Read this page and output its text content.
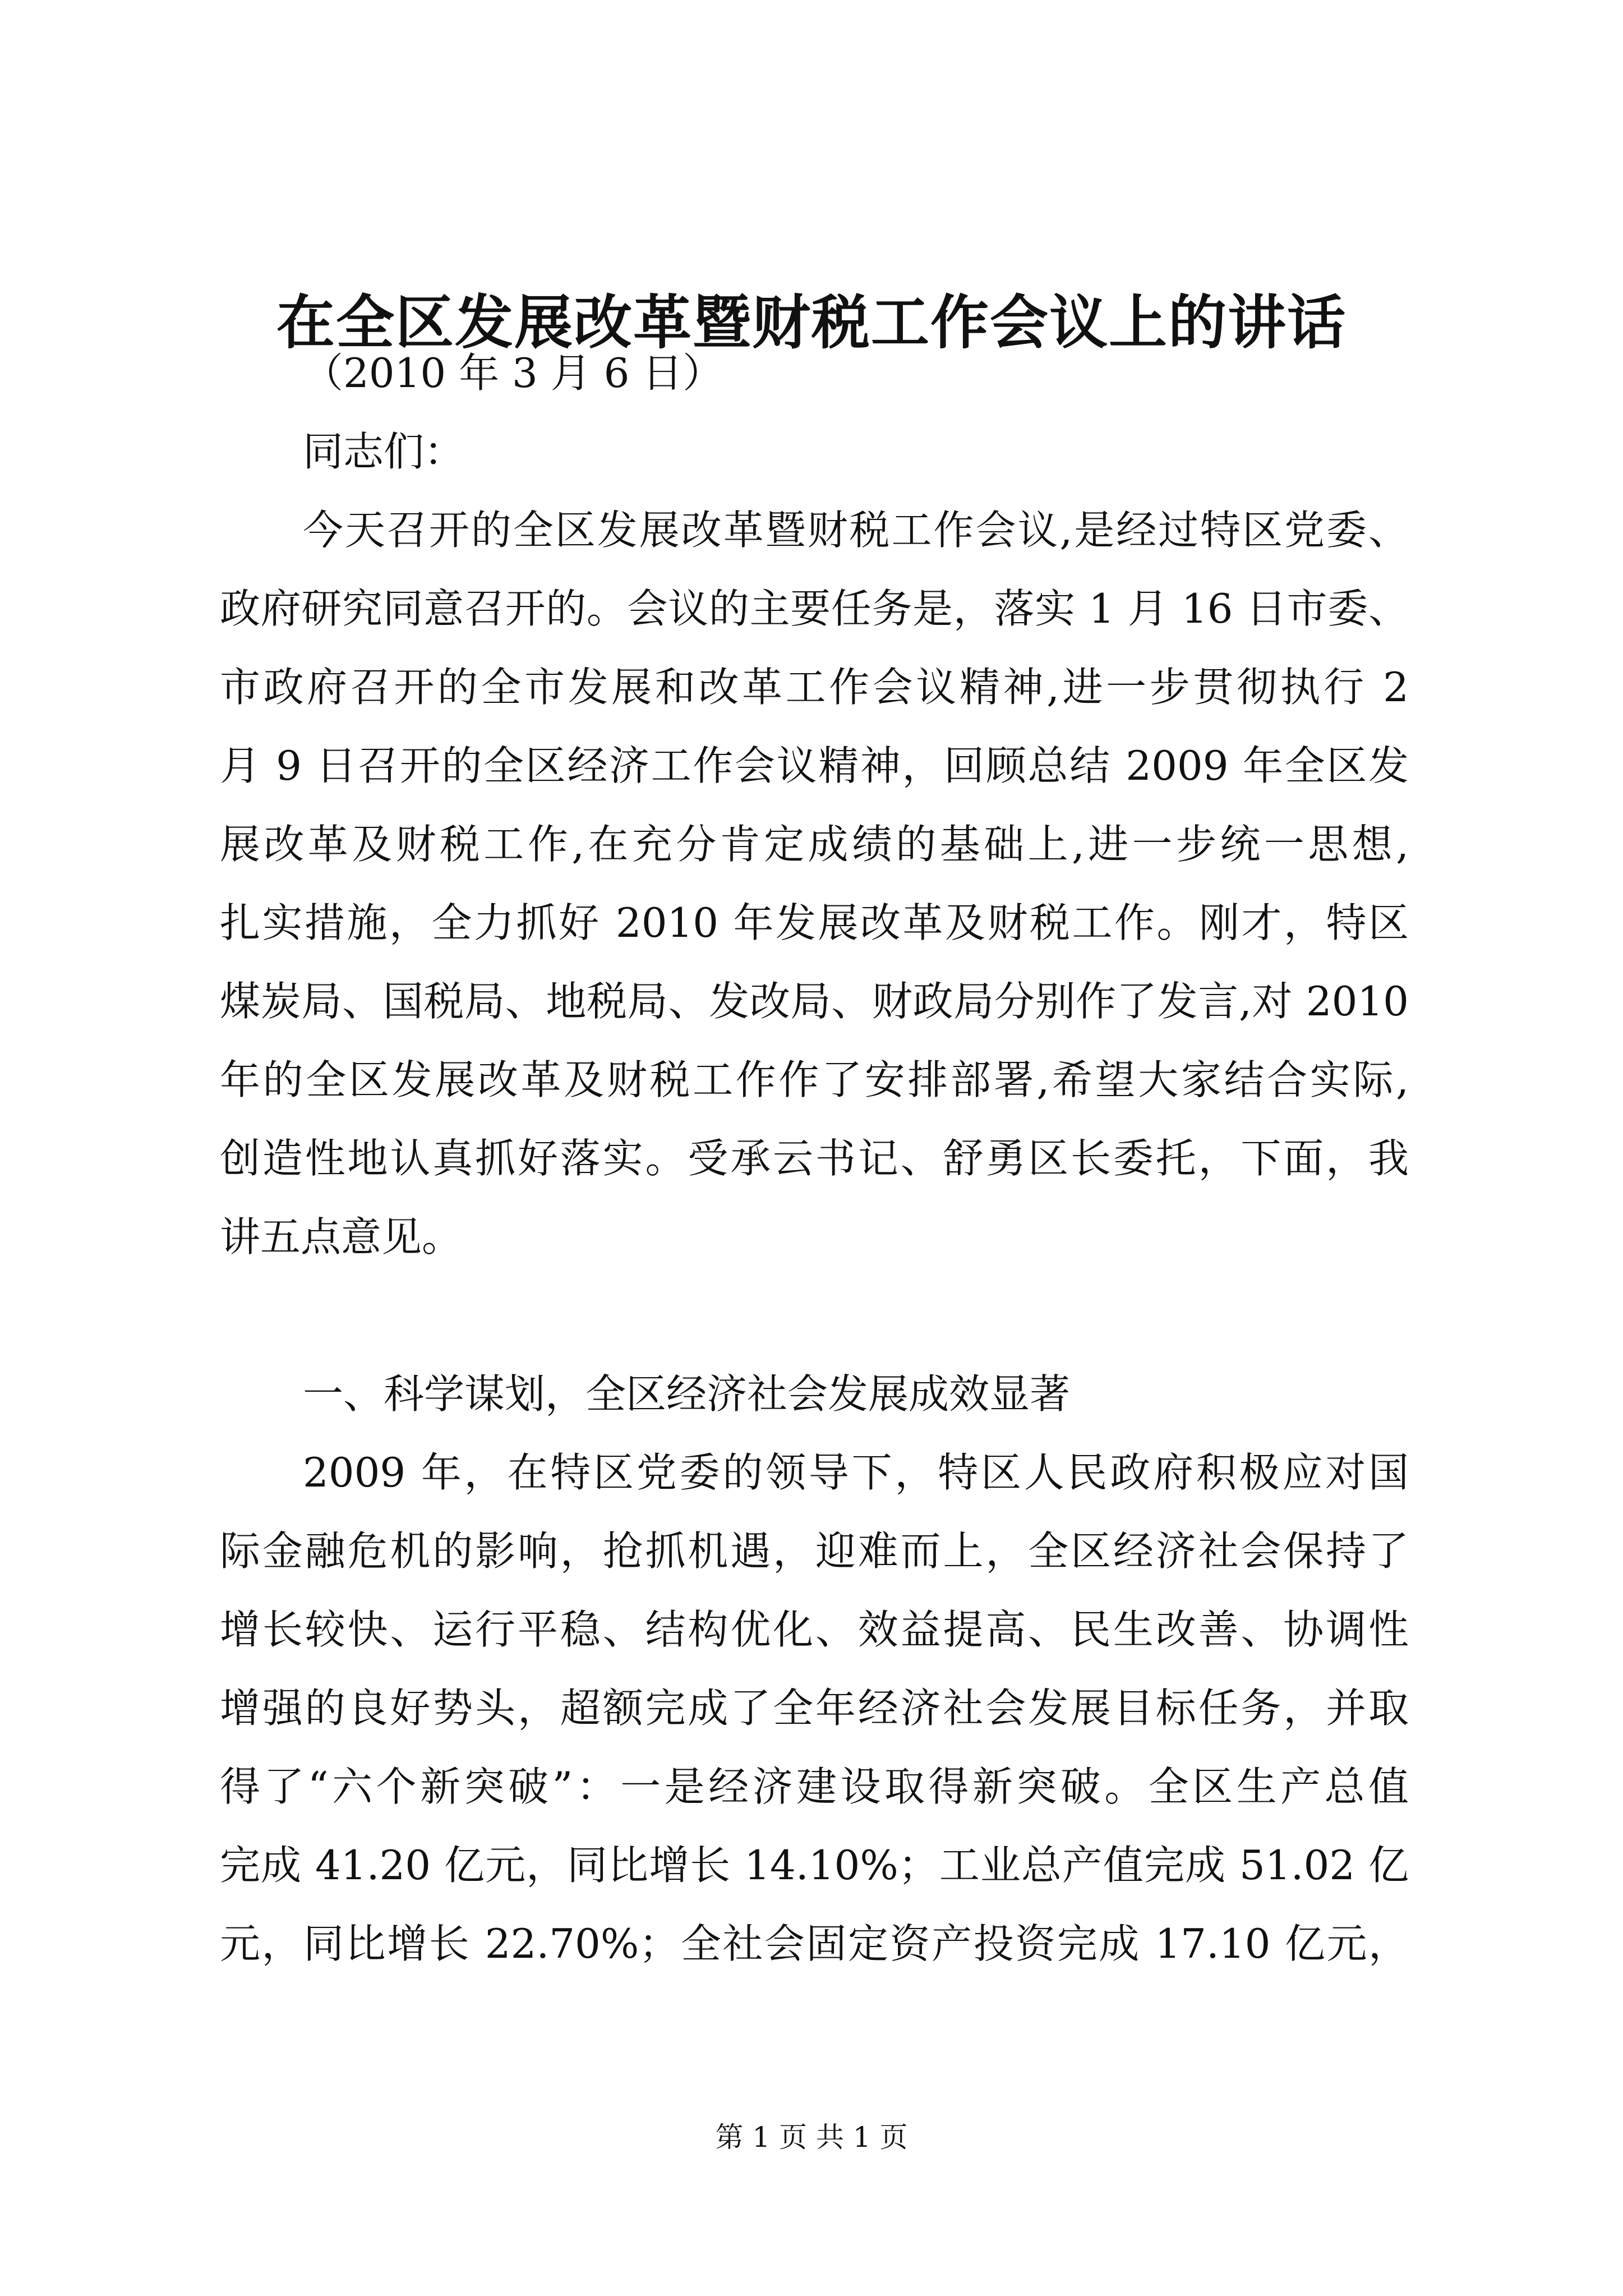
在全区发展改革暨财税工作会议上的讲话
（2010 年 3 月 6 日）
同志们：
今天召开的全区发展改革暨财税工作会议,是经过特区党委、
政府研究同意召开的。会议的主要任务是，落实 1 月 16 日市委、
市政府召开的全市发展和改革工作会议精神,进一步贯彻执行 2
月 9 日召开的全区经济工作会议精神，回顾总结 2009 年全区发
展改革及财税工作,在充分肯定成绩的基础上,进一步统一思想,
扎实措施，全力抓好 2010 年发展改革及财税工作。刚才，特区
煤炭局、国税局、地税局、发改局、财政局分别作了发言,对 2010
年的全区发展改革及财税工作作了安排部署,希望大家结合实际,
创造性地认真抓好落实。受承云书记、舒勇区长委托，下面，我
讲五点意见。
一、科学谋划，全区经济社会发展成效显著
2009 年，在特区党委的领导下，特区人民政府积极应对国
际金融危机的影响，抢抓机遇，迎难而上，全区经济社会保持了
增长较快、运行平稳、结构优化、效益提高、民生改善、协调性
增强的良好势头，超额完成了全年经济社会发展目标任务，并取
得了“六个新突破”：一是经济建设取得新突破。全区生产总值
完成 41.20 亿元，同比增长 14.10%；工业总产值完成 51.02 亿
元，同比增长 22.70%；全社会固定资产投资完成 17.10 亿元，
第 1 页 共 1 页
